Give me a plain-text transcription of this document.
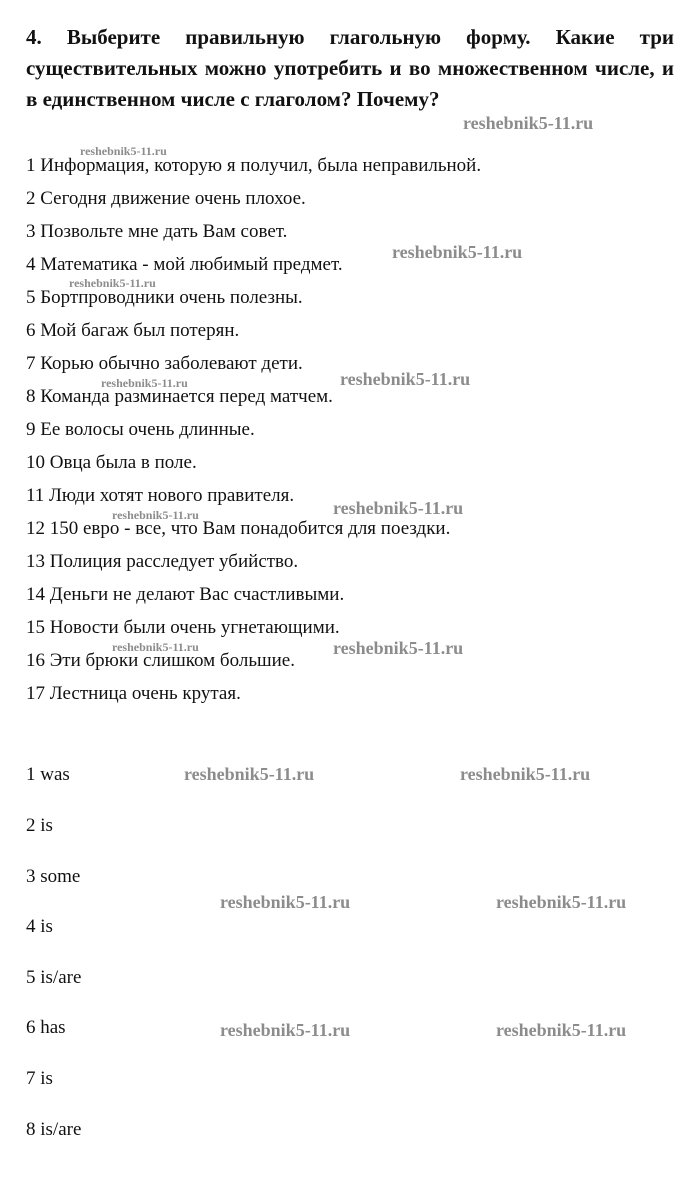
4. Выберите правильную глагольную форму. Какие три существительных можно употребить и во множественном числе, и в единственном числе с глаголом? Почему?
1 Информация, которую я получил, была неправильной.
2 Сегодня движение очень плохое.
3 Позвольте мне дать Вам совет.
4 Математика - мой любимый предмет.
5 Бортпроводники очень полезны.
6 Мой багаж был потерян.
7 Корью обычно заболевают дети.
8 Команда разминается перед матчем.
9 Ее волосы очень длинные.
10 Овца была в поле.
11 Люди хотят нового правителя.
12 150 евро - все, что Вам понадобится для поездки.
13 Полиция расследует убийство.
14 Деньги не делают Вас счастливыми.
15 Новости были очень угнетающими.
16 Эти брюки слишком большие.
17 Лестница очень крутая.
1 was
2 is
3 some
4 is
5 is/are
6 has
7 is
8 is/are
reshebnik5-11.ru
reshebnik5-11.ru
reshebnik5-11.ru
reshebnik5-11.ru
reshebnik5-11.ru
reshebnik5-11.ru
reshebnik5-11.ru
reshebnik5-11.ru
reshebnik5-11.ru
reshebnik5-11.ru
reshebnik5-11.ru	reshebnik5-11.ru
reshebnik5-11.ru	reshebnik5-11.ru
reshebnik5-11.ru	reshebnik5-11.ru
